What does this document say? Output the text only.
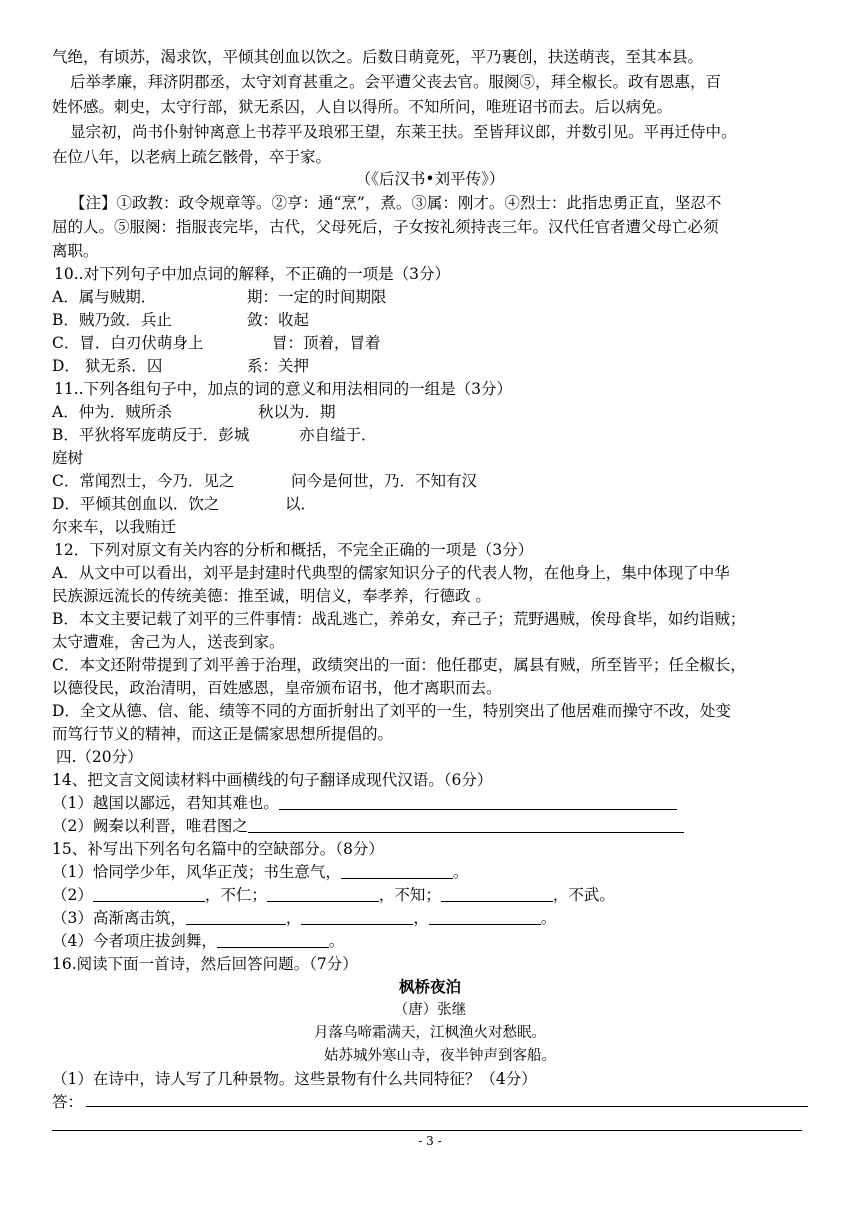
气绝，有顷苏，渴求饮，平倾其创血以饮之。后数日萌竟死，平乃裹创，扶送萌丧，至其本县。
后举孝廉，拜济阴郡丞，太守刘育甚重之。会平遭父丧去官。服阕⑤，拜全椒长。政有恩惠，百
姓怀感。刺史，太守行部，狱无系囚，人自以得所。不知所问，唯班诏书而去。后以病免。
显宗初，尚书仆射钟离意上书荐平及琅邪王望，东莱王扶。至皆拜议郎，并数引见。平再迁侍中。
在位八年，以老病上疏乞骸骨，卒于家。
（《后汉书•刘平传》）
【注】①政教：政令规章等。②亨：通“烹”，煮。③属：刚才。④烈士：此指忠勇正直，坚忍不
屈的人。⑤服阕：指服丧完毕，古代，父母死后，子女按礼须持丧三年。汉代任官者遭父母亡必须
离职。
10..对下列句子中加点词的解释，不正确的一项是（3分）
A．属与贼期．	期：一定的时间期限
B．贼乃敛．兵止	敛：收起
C．冒．白刃伏萌身上	冒：顶着，冒着
D． 狱无系．囚	系：关押
11..下列各组句子中，加点的词的意义和用法相同的一组是（3分）
A．仲为．贼所杀	秋以为．期
B．平狄将军庞萌反于．彭城	亦自缢于．
庭树
C．常闻烈士，今乃．见之	问今是何世，乃．不知有汉
D．平倾其创血以．饮之	以．
尔来车，以我贿迁
12．下列对原文有关内容的分析和概括，不完全正确的一项是（3分）
A．从文中可以看出，刘平是封建时代典型的儒家知识分子的代表人物，在他身上，集中体现了中华
民族源远流长的传统美德：推至诚，明信义，奉孝养，行德政 。
B．本文主要记载了刘平的三件事情：战乱逃亡，养弟女，弃己子；荒野遇贼，俟母食毕，如约诣贼；
太守遭难，舍己为人，送丧到家。
C．本文还附带提到了刘平善于治理，政绩突出的一面：他任郡吏，属县有贼，所至皆平；任全椒长，
以德役民，政治清明，百姓感恩，皇帝颁布诏书，他才离职而去。
D．全文从德、信、能、绩等不同的方面折射出了刘平的一生，特别突出了他居难而操守不改，处变
而笃行节义的精神，而这正是儒家思想所提倡的。
四.（20分）
14、把文言文阅读材料中画横线的句子翻译成现代汉语。（6分）
（1）越国以鄙远，君知其难也。
（2）阙秦以利晋，唯君图之
15、补写出下列名句名篇中的空缺部分。（8分）
（1）恰同学少年，风华正茂；书生意气，	。
（2）	，不仁；	，不知；	，不武。
（3）高渐离击筑，	，	，	。
（4）今者项庄拔剑舞，	。
16.阅读下面一首诗，然后回答问题。（7分）
枫桥夜泊
（唐）张继
月落乌啼霜满天，江枫渔火对愁眠。
姑苏城外寒山寺，夜半钟声到客船。
（1）在诗中，诗人写了几种景物。这些景物有什么共同特征？（4分）
答：
- 3 -
